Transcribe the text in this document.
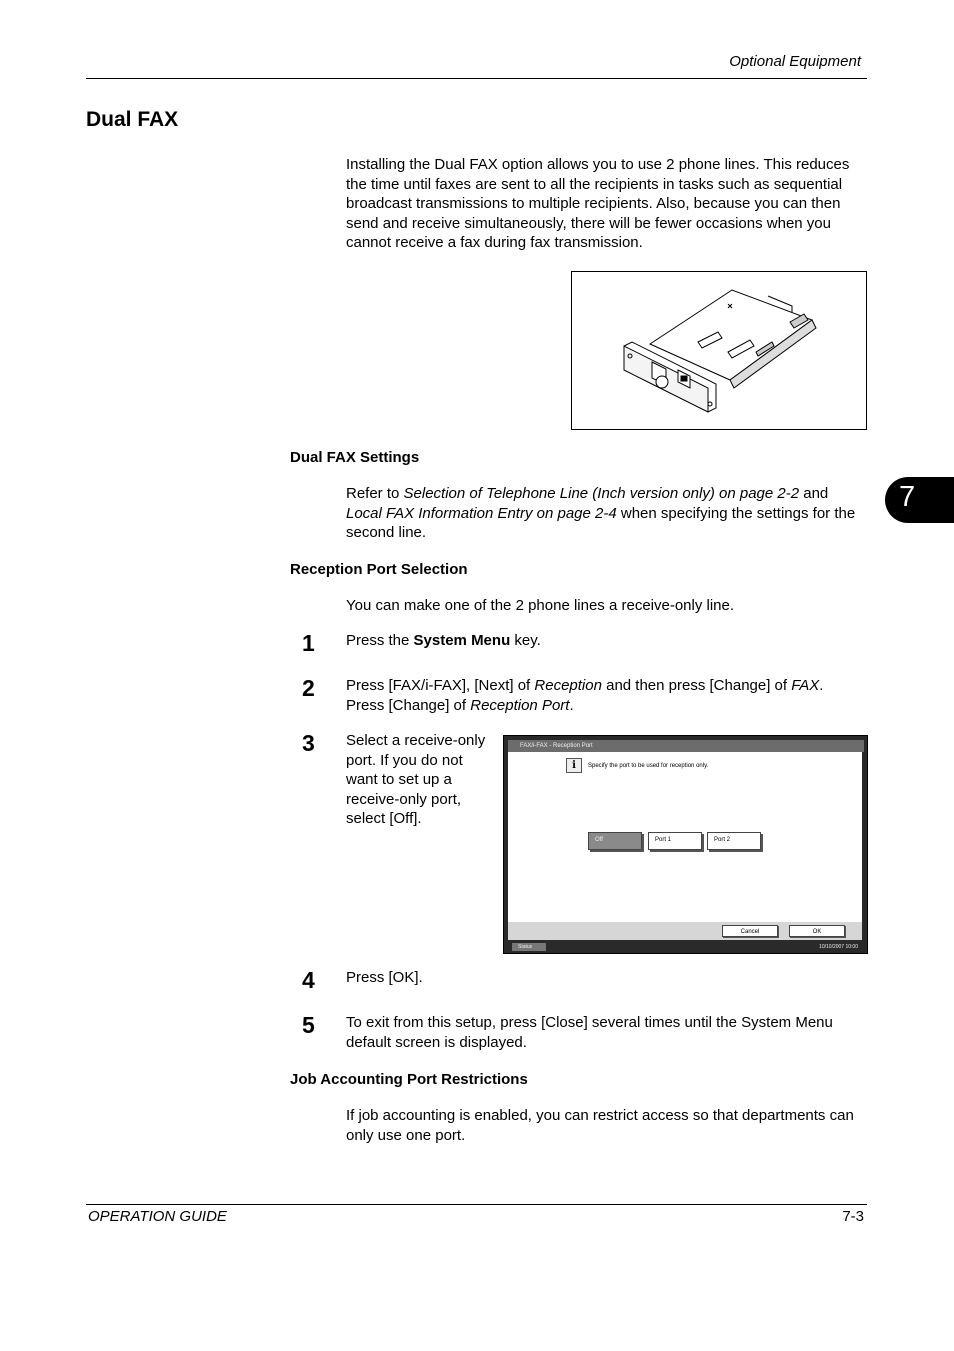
Optional Equipment
Dual FAX
Installing the Dual FAX option allows you to use 2 phone lines. This reduces the time until faxes are sent to all the recipients in tasks such as sequential broadcast transmissions to multiple recipients. Also, because you can then send and receive simultaneously, there will be fewer occasions when you cannot receive a fax during fax transmission.
Dual FAX Settings
Refer to Selection of Telephone Line (Inch version only) on page 2-2 and Local FAX Information Entry on page 2-4 when specifying the settings for the second line.
7
Reception Port Selection
You can make one of the 2 phone lines a receive-only line.
1 Press the System Menu key.
2 Press [FAX/i-FAX], [Next] of Reception and then press [Change] of FAX.
Press [Change] of Reception Port.
3 Select a receive-only port. If you do not want to set up a receive-only port, select [Off].
FAX/i-FAX - Reception Port
i	Specify the port to be used for reception only.
Off	Port 1	Port 2
Cancel	OK
Status	10/10/2007 10:00
4 Press [OK].
5 To exit from this setup, press [Close] several times until the System Menu default screen is displayed.
Job Accounting Port Restrictions
If job accounting is enabled, you can restrict access so that departments can only use one port.
OPERATION GUIDE	7-3
